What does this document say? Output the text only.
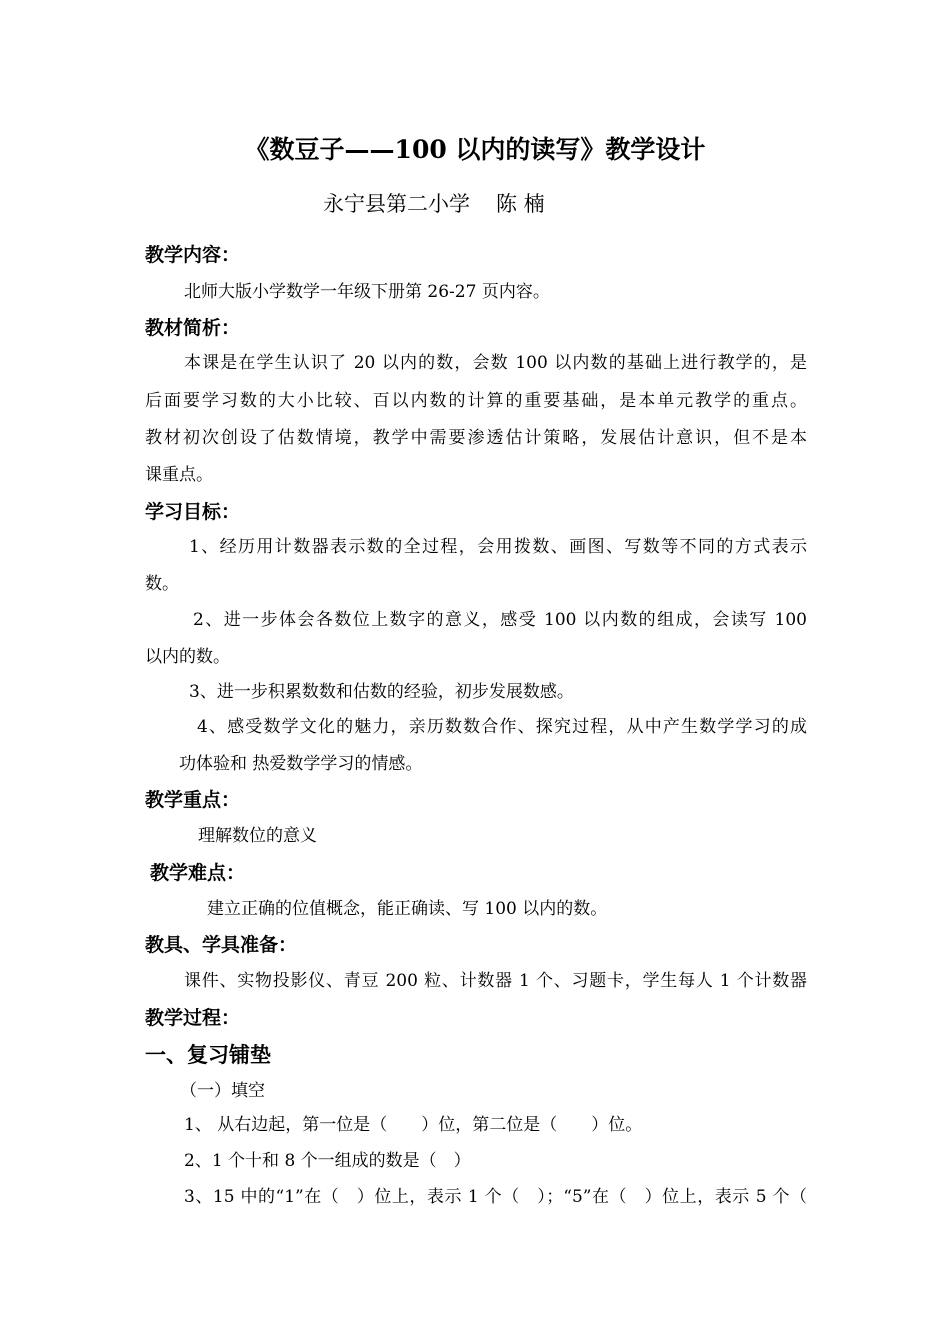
《数豆子——100 以内的读写》教学设计
永宁县第二小学 陈 楠
教学内容：
北师大版小学数学一年级下册第 26-27 页内容。
教材简析：
本课是在学生认识了 20 以内的数，会数 100 以内数的基础上进行教学的，是
后面要学习数的大小比较、百以内数的计算的重要基础，是本单元教学的重点。
教材初次创设了估数情境，教学中需要渗透估计策略，发展估计意识，但不是本
课重点。
学习目标：
1、经历用计数器表示数的全过程，会用拨数、画图、写数等不同的方式表示
数。
2、进一步体会各数位上数字的意义，感受 100 以内数的组成，会读写 100
以内的数。
3、进一步积累数数和估数的经验，初步发展数感。
4、感受数学文化的魅力，亲历数数合作、探究过程，从中产生数学学习的成
功体验和 热爱数学学习的情感。
教学重点：
理解数位的意义
教学难点：
建立正确的位值概念，能正确读、写 100 以内的数。
教具、学具准备：
课件、实物投影仪、青豆 200 粒、计数器 1 个、习题卡，学生每人 1 个计数器
教学过程：
一、复习铺垫
（一）填空
1、 从右边起，第一位是（　　）位，第二位是（　　）位。
2、1 个十和 8 个一组成的数是（　）
3、15 中的“1”在（　）位上，表示 1 个（　）；“5”在（　）位上，表示 5 个（
